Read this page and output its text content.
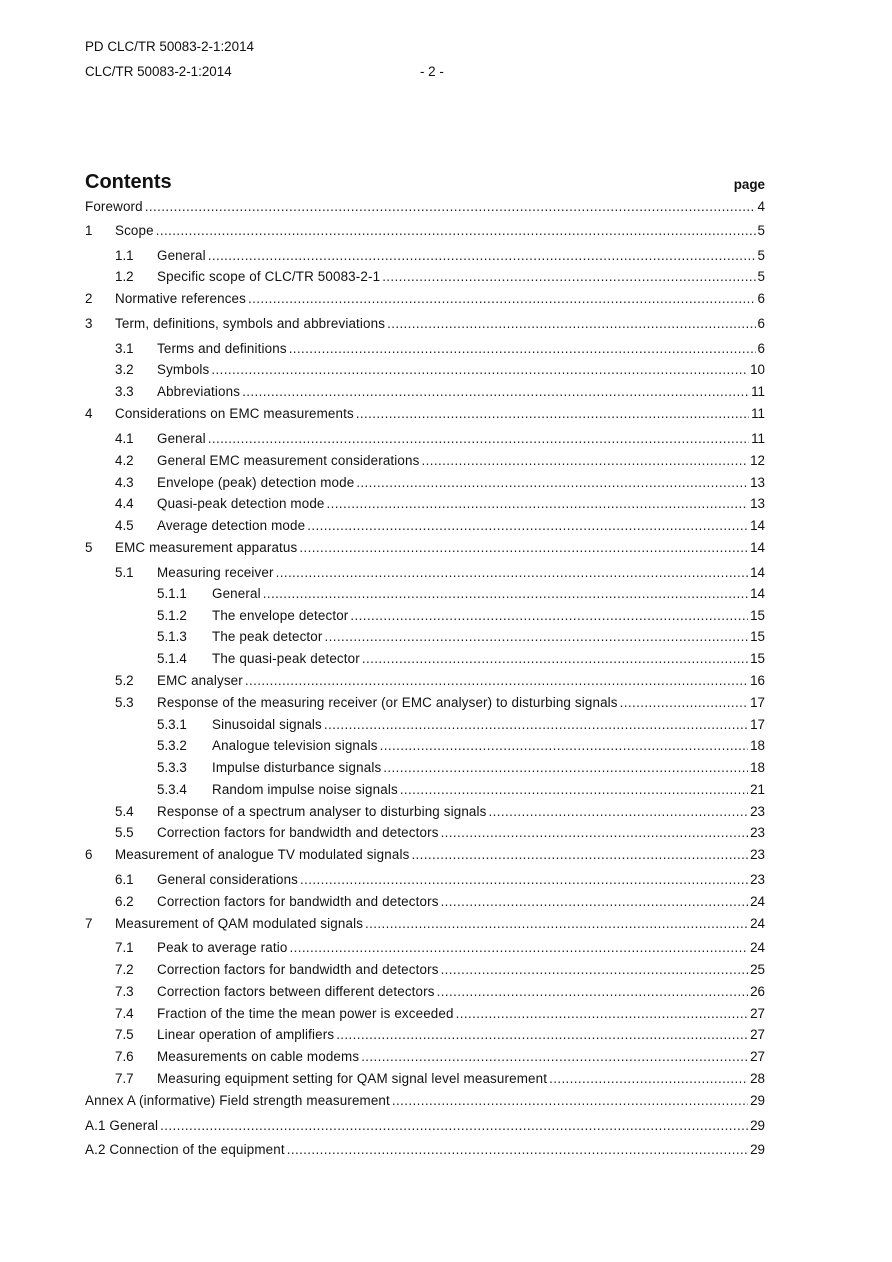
PD CLC/TR 50083-2-1:2014
CLC/TR 50083-2-1:2014	- 2 -
Contents	page
Foreword .....	4
1	Scope .....	5
1.1	General .....	5
1.2	Specific scope of CLC/TR 50083-2-1 .....	5
2	Normative references .....	6
3	Term, definitions, symbols and abbreviations .....	6
3.1	Terms and definitions .....	6
3.2	Symbols .....	10
3.3	Abbreviations .....	11
4	Considerations on EMC measurements .....	11
4.1	General .....	11
4.2	General EMC measurement considerations .....	12
4.3	Envelope (peak) detection mode .....	13
4.4	Quasi-peak detection mode .....	13
4.5	Average detection mode .....	14
5	EMC measurement apparatus .....	14
5.1	Measuring receiver .....	14
5.1.1	General .....	14
5.1.2	The envelope detector .....	15
5.1.3	The peak detector .....	15
5.1.4	The quasi-peak detector .....	15
5.2	EMC analyser .....	16
5.3	Response of the measuring receiver (or EMC analyser) to disturbing signals .....	17
5.3.1	Sinusoidal signals .....	17
5.3.2	Analogue television signals .....	18
5.3.3	Impulse disturbance signals .....	18
5.3.4	Random impulse noise signals .....	21
5.4	Response of a spectrum analyser to disturbing signals .....	23
5.5	Correction factors for bandwidth and detectors .....	23
6	Measurement of analogue TV modulated signals .....	23
6.1	General considerations .....	23
6.2	Correction factors for bandwidth and detectors .....	24
7	Measurement of QAM modulated signals .....	24
7.1	Peak to average ratio .....	24
7.2	Correction factors for bandwidth and detectors .....	25
7.3	Correction factors between different detectors .....	26
7.4	Fraction of the time the mean power is exceeded .....	27
7.5	Linear operation of amplifiers .....	27
7.6	Measurements on cable modems .....	27
7.7	Measuring equipment setting for QAM signal level measurement .....	28
Annex A (informative) Field strength measurement .....	29
A.1 General .....	29
A.2 Connection of the equipment .....	29
